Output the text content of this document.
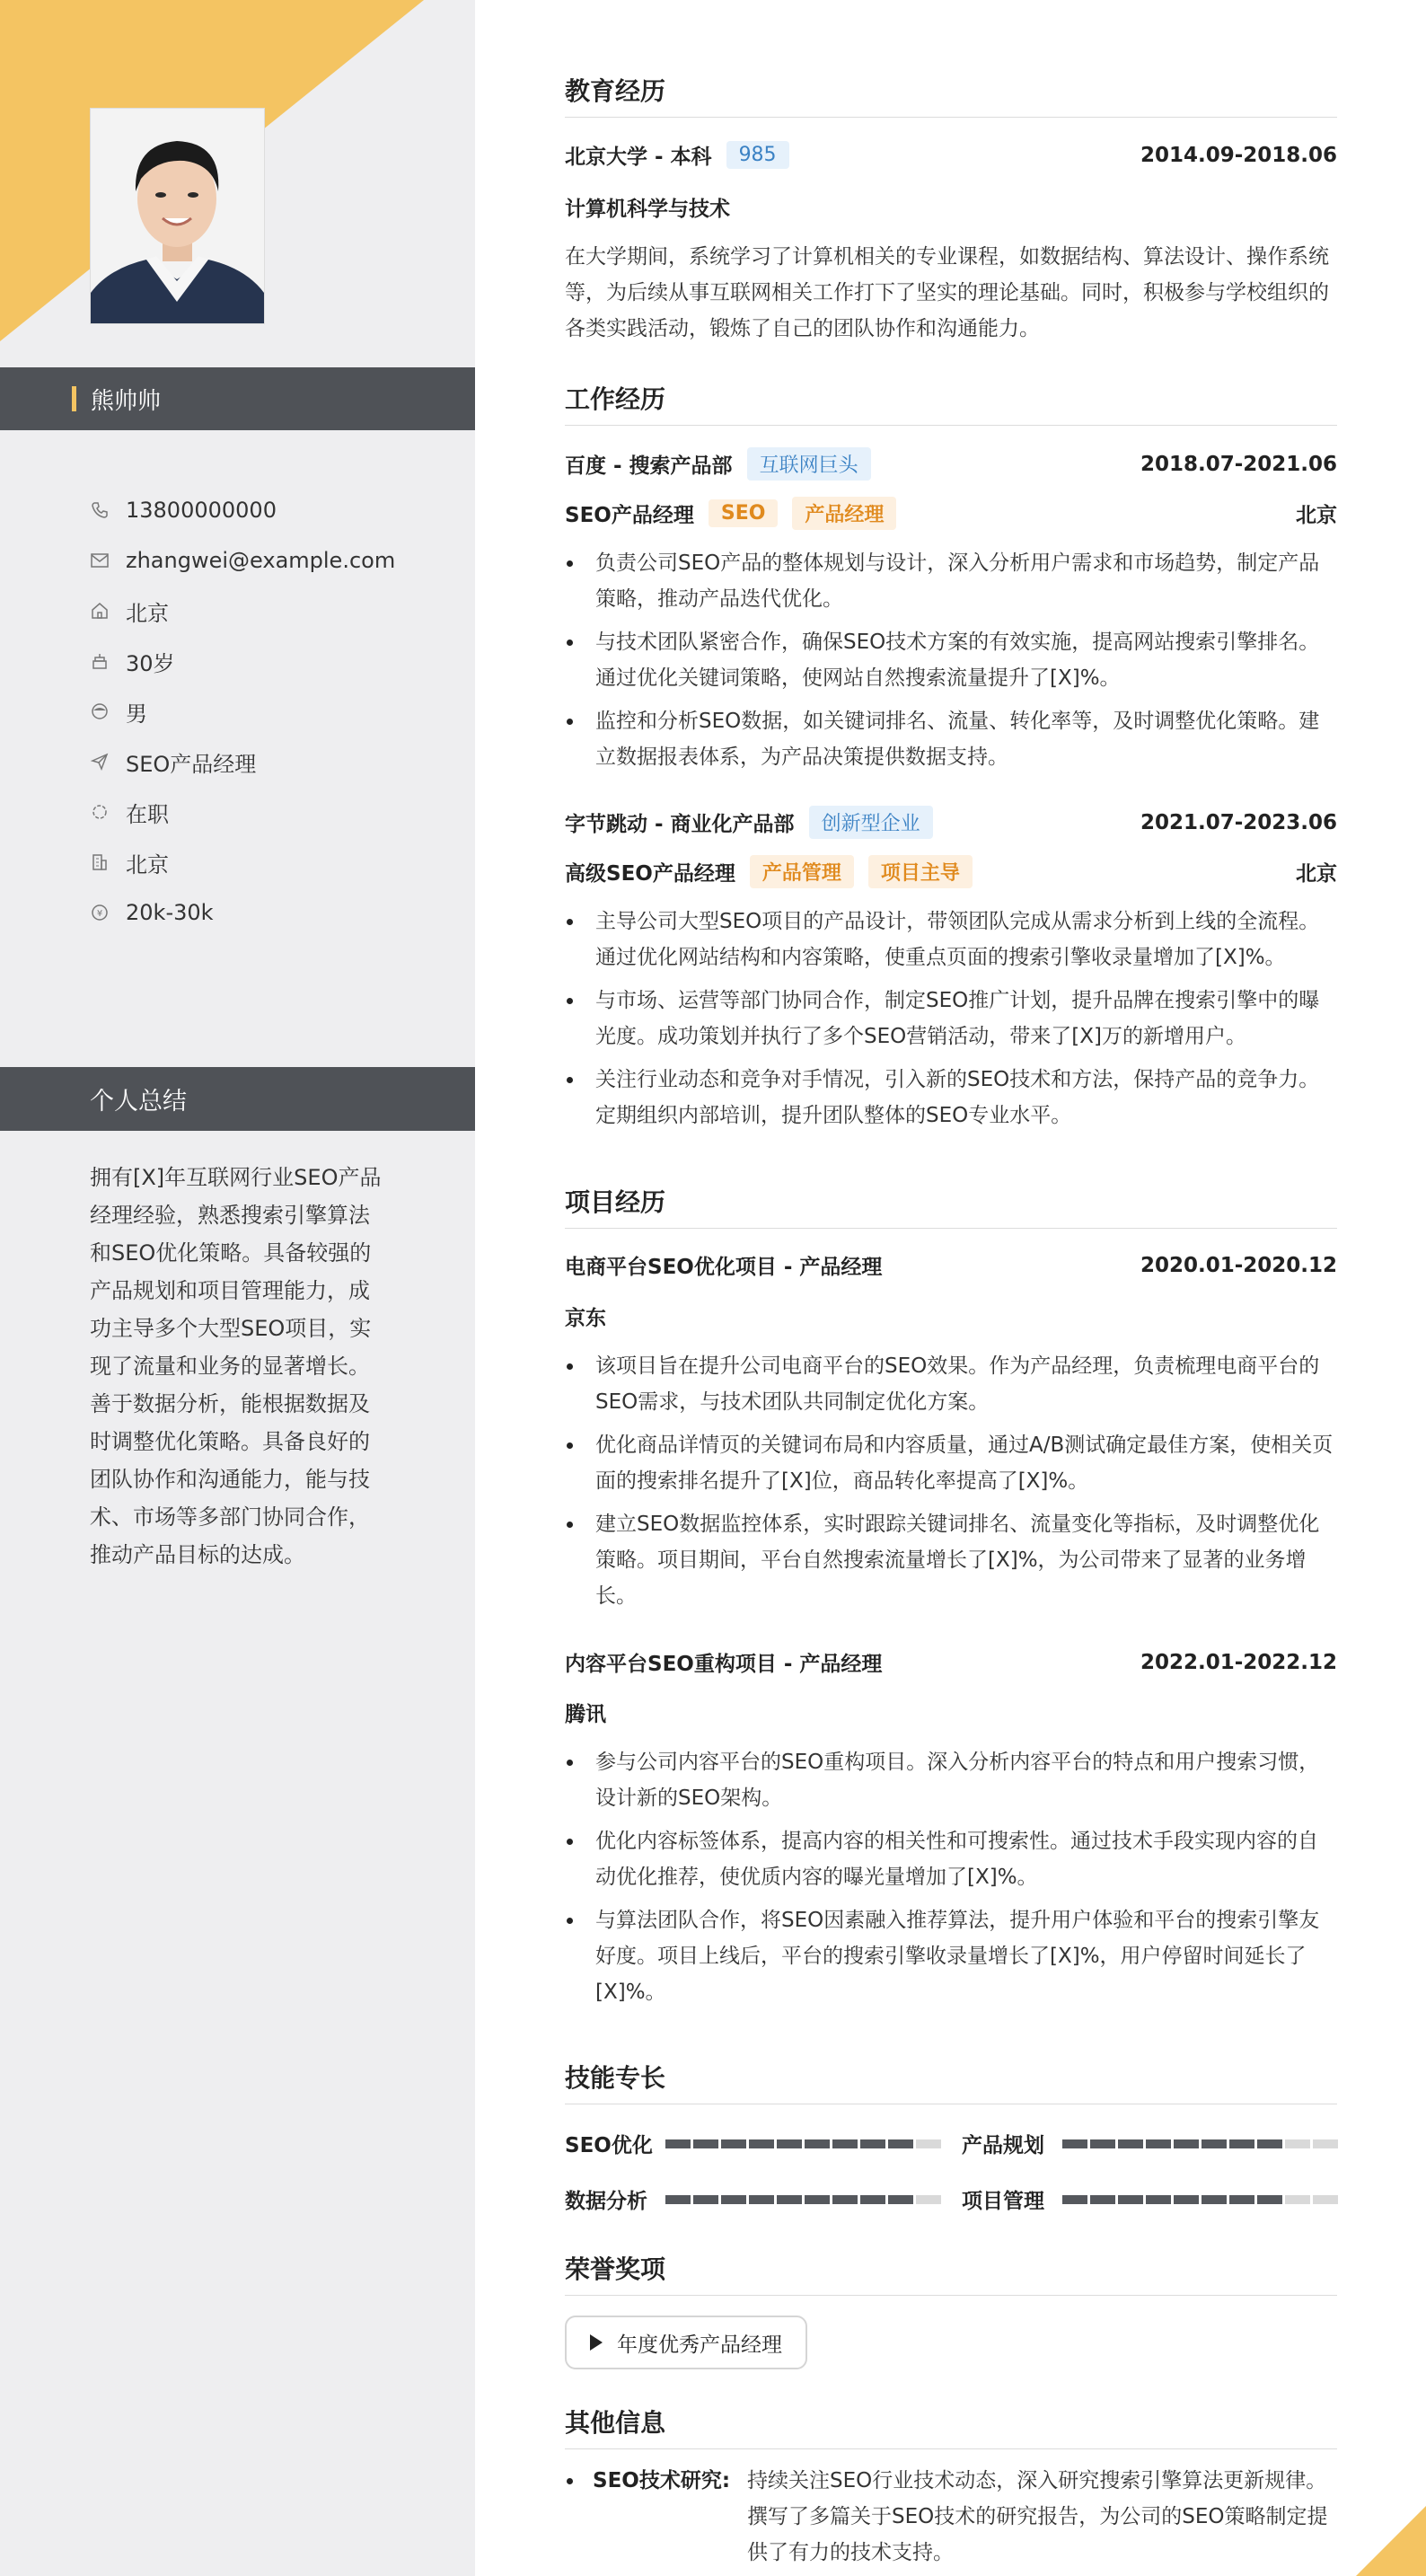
熊帅帅
13800000000
zhangwei@example.com
北京
30岁
男
SEO产品经理
在职
北京
¥ 20k-30k
个人总结
拥有[X]年互联网行业SEO产品
经理经验，熟悉搜索引擎算法
和SEO优化策略。具备较强的
产品规划和项目管理能力，成
功主导多个大型SEO项目，实
现了流量和业务的显著增长。
善于数据分析，能根据数据及
时调整优化策略。具备良好的
团队协作和沟通能力，能与技
术、市场等多部门协同合作，
推动产品目标的达成。
教育经历
北京大学 - 本科	985	2014.09-2018.06
计算机科学与技术
在大学期间，系统学习了计算机相关的专业课程，如数据结构、算法设计、操作系统等，为后续从事互联网相关工作打下了坚实的理论基础。同时，积极参与学校组织的各类实践活动，锻炼了自己的团队协作和沟通能力。
工作经历
百度 - 搜索产品部	互联网巨头	2018.07-2021.06
SEO产品经理	SEO	产品经理	北京
负责公司SEO产品的整体规划与设计，深入分析用户需求和市场趋势，制定产品策略，推动产品迭代优化。
与技术团队紧密合作，确保SEO技术方案的有效实施，提高网站搜索引擎排名。通过优化关键词策略，使网站自然搜索流量提升了[X]%。
监控和分析SEO数据，如关键词排名、流量、转化率等，及时调整优化策略。建立数据报表体系，为产品决策提供数据支持。
字节跳动 - 商业化产品部	创新型企业	2021.07-2023.06
高级SEO产品经理	产品管理	项目主导	北京
主导公司大型SEO项目的产品设计，带领团队完成从需求分析到上线的全流程。通过优化网站结构和内容策略，使重点页面的搜索引擎收录量增加了[X]%。
与市场、运营等部门协同合作，制定SEO推广计划，提升品牌在搜索引擎中的曝光度。成功策划并执行了多个SEO营销活动，带来了[X]万的新增用户。
关注行业动态和竞争对手情况，引入新的SEO技术和方法，保持产品的竞争力。定期组织内部培训，提升团队整体的SEO专业水平。
项目经历
电商平台SEO优化项目 - 产品经理	2020.01-2020.12
京东
该项目旨在提升公司电商平台的SEO效果。作为产品经理，负责梳理电商平台的SEO需求，与技术团队共同制定优化方案。
优化商品详情页的关键词布局和内容质量，通过A/B测试确定最佳方案，使相关页面的搜索排名提升了[X]位，商品转化率提高了[X]%。
建立SEO数据监控体系，实时跟踪关键词排名、流量变化等指标，及时调整优化策略。项目期间，平台自然搜索流量增长了[X]%，为公司带来了显著的业务增长。
内容平台SEO重构项目 - 产品经理	2022.01-2022.12
腾讯
参与公司内容平台的SEO重构项目。深入分析内容平台的特点和用户搜索习惯，设计新的SEO架构。
优化内容标签体系，提高内容的相关性和可搜索性。通过技术手段实现内容的自动优化推荐，使优质内容的曝光量增加了[X]%。
与算法团队合作，将SEO因素融入推荐算法，提升用户体验和平台的搜索引擎友好度。项目上线后，平台的搜索引擎收录量增长了[X]%，用户停留时间延长了[X]%。
技能专长
SEO优化	产品规划
数据分析	项目管理
荣誉奖项
年度优秀产品经理
其他信息
SEO技术研究: 持续关注SEO行业技术动态，深入研究搜索引擎算法更新规律。撰写了多篇关于SEO技术的研究报告，为公司的SEO策略制定提供了有力的技术支持。
